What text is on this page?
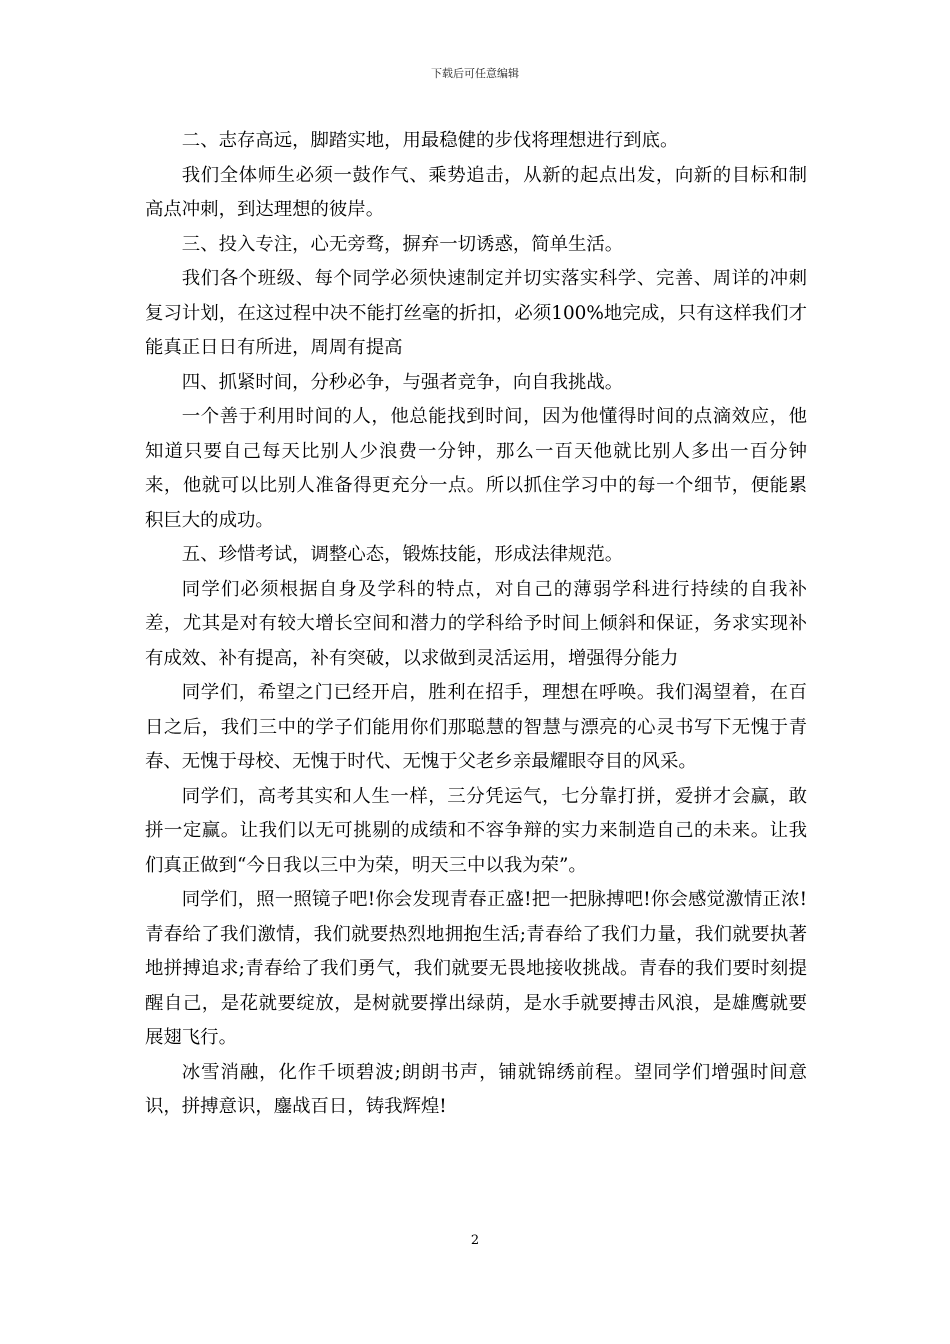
下载后可任意编辑

二、志存高远，脚踏实地，用最稳健的步伐将理想进行到底。

我们全体师生必须一鼓作气、乘势追击，从新的起点出发，向新的目标和制高点冲刺，到达理想的彼岸。

三、投入专注，心无旁骛，摒弃一切诱惑，简单生活。

我们各个班级、每个同学必须快速制定并切实落实科学、完善、周详的冲刺复习计划，在这过程中决不能打丝毫的折扣，必须100%地完成，只有这样我们才能真正日日有所进，周周有提高

四、抓紧时间，分秒必争，与强者竞争，向自我挑战。

一个善于利用时间的人，他总能找到时间，因为他懂得时间的点滴效应，他知道只要自己每天比别人少浪费一分钟，那么一百天他就比别人多出一百分钟来，他就可以比别人准备得更充分一点。所以抓住学习中的每一个细节，便能累积巨大的成功。

五、珍惜考试，调整心态，锻炼技能，形成法律规范。

同学们必须根据自身及学科的特点，对自己的薄弱学科进行持续的自我补差，尤其是对有较大增长空间和潜力的学科给予时间上倾斜和保证，务求实现补有成效、补有提高，补有突破，以求做到灵活运用，增强得分能力

同学们，希望之门已经开启，胜利在招手，理想在呼唤。我们渴望着，在百日之后，我们三中的学子们能用你们那聪慧的智慧与漂亮的心灵书写下无愧于青春、无愧于母校、无愧于时代、无愧于父老乡亲最耀眼夺目的风采。

同学们，高考其实和人生一样，三分凭运气，七分靠打拼，爱拼才会赢，敢拼一定赢。让我们以无可挑剔的成绩和不容争辩的实力来制造自己的未来。让我们真正做到“今日我以三中为荣，明天三中以我为荣”。

同学们，照一照镜子吧!你会发现青春正盛!把一把脉搏吧!你会感觉激情正浓!青春给了我们激情，我们就要热烈地拥抱生活;青春给了我们力量，我们就要执著地拼搏追求;青春给了我们勇气，我们就要无畏地接收挑战。青春的我们要时刻提醒自己，是花就要绽放，是树就要撑出绿荫，是水手就要搏击风浪，是雄鹰就要展翅飞行。

冰雪消融，化作千顷碧波;朗朗书声，铺就锦绣前程。望同学们增强时间意识，拼搏意识，鏖战百日，铸我辉煌!

2
